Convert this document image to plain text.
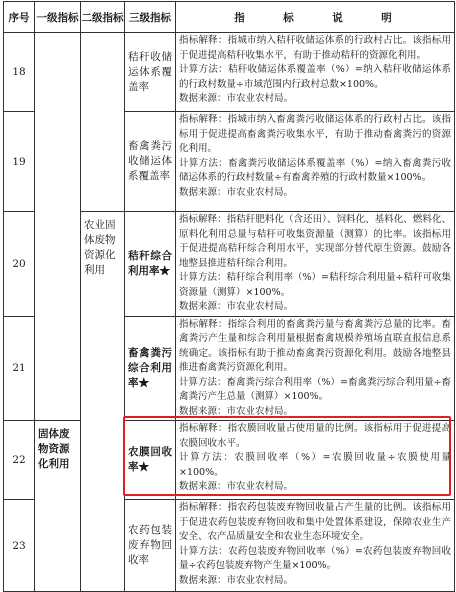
序号	一级指标	二级指标	三级指标	指　标　说　明
18			秸秆收储运体系覆盖率	指标解释：指城市纳入秸秆收储运体系的行政村占比。该指标用于促进提高秸秆收集水平，有助于推动秸秆的资源化利用。

计算方法：秸秆收储运体系覆盖率（%）=纳入秸秆收储运体系的行政村数量÷市域范围内行政村总数×100%。

数据来源：市农业农村局。

19			畜禽粪污收储运体系覆盖率	指标解释：指城市纳入畜禽粪污收储运体系的行政村占比。该指标用于促进提高畜禽粪污收集水平，有助于推动畜禽粪污的资源化利用。

计算方法：畜禽粪污收储运体系覆盖率（%）=纳入畜禽粪污收储运体系的行政村数量÷有畜禽养殖的行政村数量×100%。

数据来源：市农业农村局。

20		农业固体废物资源化利用	秸秆综合利用率★	指标解释：指秸秆肥料化（含还田）、饲料化、基料化、燃料化、原料化利用总量与秸秆可收集资源量（测算）的比率。该指标用于促进提高秸秆综合利用水平，实现部分替代原生资源。鼓励各地整县推进秸秆综合利用。

计算方法：秸秆综合利用率（%）=秸秆综合利用量÷秸秆可收集资源量（测算）×100%。

数据来源：市农业农村局。

21			畜禽粪污综合利用率★	指标解释：指综合利用的畜禽粪污量与畜禽粪污总量的比率。畜禽粪污产生量和综合利用量根据畜禽规模养殖场直联直报信息系统确定。该指标有助于推动畜禽粪污资源化利用。鼓励各地整县推进畜禽粪污资源化利用。

计算方法：畜禽粪污综合利用率（%）=畜禽粪污综合利用量÷畜禽粪污产生总量（测算）×100%。

数据来源：市农业农村局。

22	固体废物资源化利用		农膜回收率★	指标解释：指农膜回收量占使用量的比例。该指标用于促进提高农膜回收水平。

计算方法：农膜回收率（%）=农膜回收量÷农膜使用量×100%。

数据来源：市农业农村局。

23			农药包装废弃物回收率	指标解释：指农药包装废弃物回收量占产生量的比例。该指标用于促进农药包装废弃物回收和集中处置体系建设，保障农业生产安全、农产品质量安全和农业生态环境安全。

计算方法：农药包装废弃物回收率（%）=农药包装废弃物回收量÷农药包装废弃物产生量×100%。

数据来源：市农业农村局。
